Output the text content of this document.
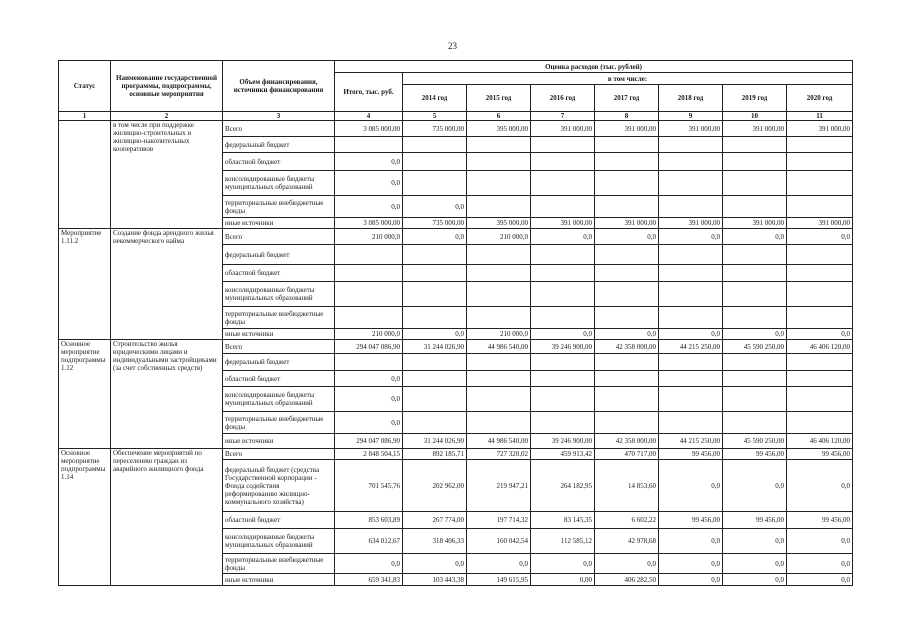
23
Статус	Наименование государственной программы, подпрограммы, основные мероприятия	Объем финансирования, источники финансирования	Оценка расходов (тыс. рублей)							
			Итого, тыс. руб.	в том числе:						
				2014 год	2015 год	2016 год	2017 год	2018 год	2019 год	2020 год
1	2	3	4	5	6	7	8	9	10	11
	в том числе при поддержке жилищно-строительных и жилищно-накопительных кооперативов	Всего	3 085 000,00	735 000,00	395 000,00	391 000,00	391 000,00	391 000,00	391 000,00	391 000,00
		федеральный бюджет								
		областной бюджет	0,0							
		консолидированные бюджеты муниципальных образований	0,0							
		территориальные внебюджетные фонды	0,0	0,0						
		иные источники	3 085 000,00	735 000,00	395 000,00	391 000,00	391 000,00	391 000,00	391 000,00	391 000,00
Мероприятие 1.11.2	Создание фонда арендного жилья некоммерческого найма	Всего	210 000,0	0,0	210 000,0	0,0	0,0	0,0	0,0	0,0
		федеральный бюджет								
		областной бюджет								
		консолидированные бюджеты муниципальных образований								
		территориальные внебюджетные фонды								
		иные источники	210 000,0	0,0	210 000,0	0,0	0,0	0,0	0,0	0,0
Основное мероприятие подпрограммы 1.12	Строительство жилья юридическими лицами и индивидуальными застройщиками (за счет собственных средств)	Всего	294 047 086,90	31 244 026,90	44 986 540,00	39 246 900,00	42 358 000,00	44 215 250,00	45 590 250,00	46 406 120,00
		федеральный бюджет								
		областной бюджет	0,0							
		консолидированные бюджеты муниципальных образований	0,0							
		территориальные внебюджетные фонды	0,0							
		иные источники	294 047 086,90	31 244 026,90	44 986 540,00	39 246 900,00	42 358 000,00	44 215 250,00	45 590 250,00	46 406 120,00
Основное мероприятие подпрограммы 1.14	Обеспечение мероприятий по переселению граждан из аварийного жилищного фонда	Всего	2 848 504,15	892 185,71	727 320,02	459 913,42	470 717,00	99 456,00	99 456,00	99 456,00
		федеральный бюджет (средства Государственной корпорации - Фонда содействия реформированию жилищно-коммунального хозяйства)	701 545,76	202 962,00	219 947,21	264 182,95	14 853,60	0,0	0,0	0,0
		областной бюджет	853 603,89	267 774,00	197 714,32	83 145,35	6 602,22	99 456,00	99 456,00	99 456,00
		консолидированные бюджеты муниципальных образований	634 012,67	318 406,33	160 042,54	112 585,12	42 978,68	0,0	0,0	0,0
		территориальные внебюджетные фонды	0,0	0,0	0,0	0,0	0,0	0,0	0,0	0,0
		иные источники	659 341,83	103 443,38	149 615,95	0,00	406 282,50	0,0	0,0	0,0
